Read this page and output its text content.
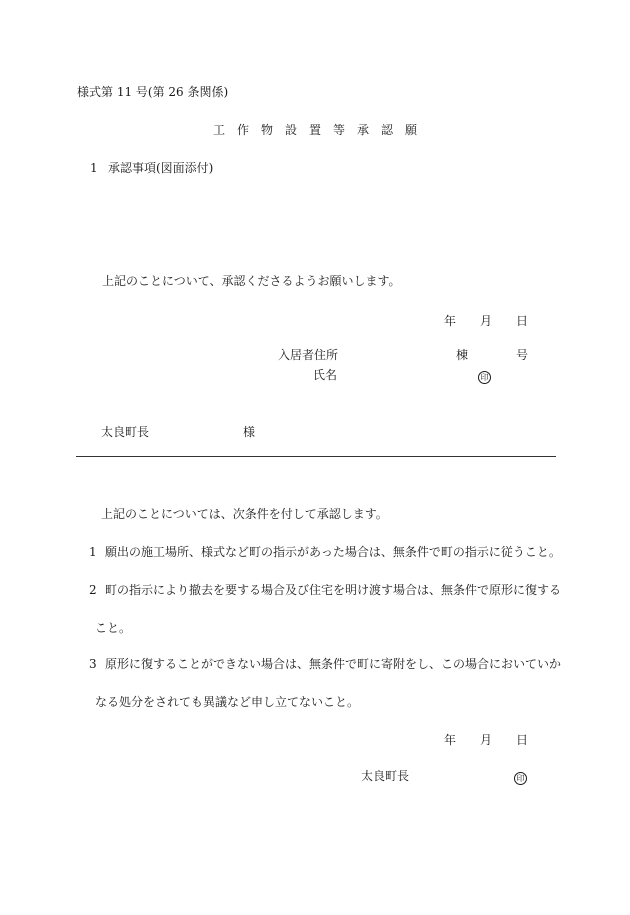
様式第 11 号(第 26 条関係)
工作物設置等承認願
1 承認事項(図面添付)
上記のことについて、承認くださるようお願いします。
年 月 日
入居者住所	棟	号
氏名	印
太良町長	様
上記のことについては、次条件を付して承認します。
1 願出の施工場所、様式など町の指示があった場合は、無条件で町の指示に従うこと。
2 町の指示により撤去を要する場合及び住宅を明け渡す場合は、無条件で原形に復する
こと。
3 原形に復することができない場合は、無条件で町に寄附をし、この場合においていか
なる処分をされても異議など申し立てないこと。
年 月 日
太良町長	印
